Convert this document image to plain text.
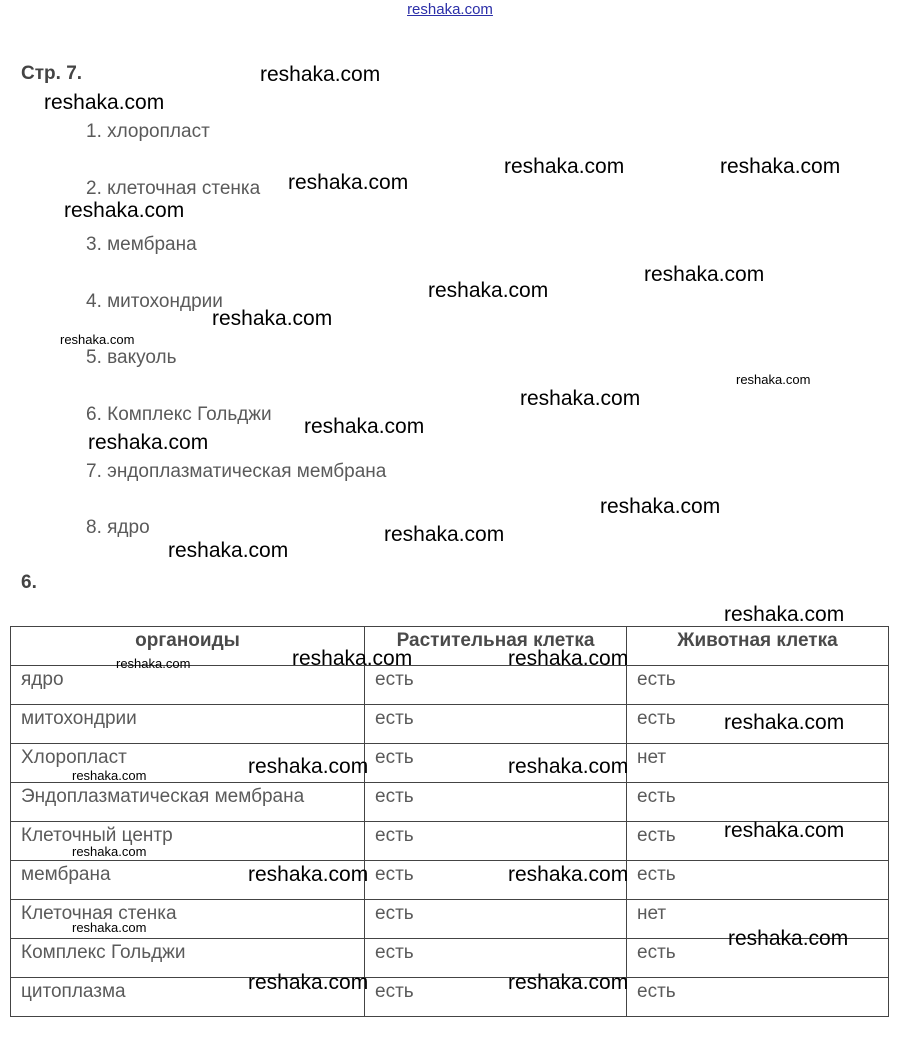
reshaka.com
Стр. 7.
1. хлоропласт
2. клеточная стенка
3. мембрана
4. митохондрии
5. вакуоль
6. Комплекс Гольджи
7. эндоплазматическая мембрана
8. ядро
6.
органоиды	Растительная клетка	Животная клетка
ядро	есть	есть
митохондрии	есть	есть
Хлоропласт	есть	нет
Эндоплазматическая мембрана	есть	есть
Клеточный центр	есть	есть
мембрана	есть	есть
Клеточная стенка	есть	нет
Комплекс Гольджи	есть	есть
цитоплазма	есть	есть
reshaka.com
reshaka.com
reshaka.com	reshaka.com
reshaka.com
reshaka.com
reshaka.com
reshaka.com
reshaka.com
reshaka.com
reshaka.com
reshaka.com
reshaka.com
reshaka.com
reshaka.com
reshaka.com
reshaka.com
reshaka.com
reshaka.com	reshaka.com
reshaka.com
reshaka.com
reshaka.com	reshaka.com
reshaka.com
reshaka.com
reshaka.com
reshaka.com	reshaka.com
reshaka.com	reshaka.com
reshaka.com	reshaka.com
